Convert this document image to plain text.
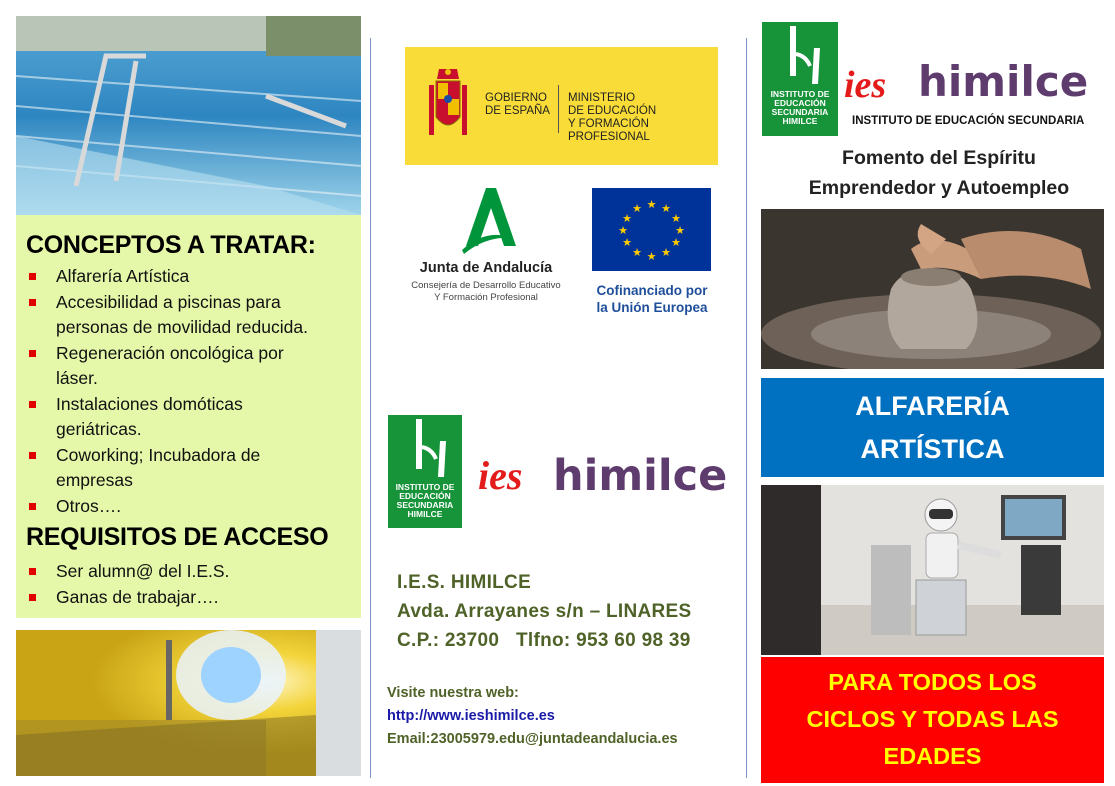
CONCEPTOS A TRATAR:
Alfarería Artística
Accesibilidad a piscinas para
personas de movilidad reducida.
Regeneración oncológica por
láser.
Instalaciones domóticas
geriátricas.
Coworking; Incubadora de
empresas
Otros….
REQUISITOS DE ACCESO
Ser alumn@ del I.E.S.
Ganas de trabajar….
GOBIERNO
DE ESPAÑA
MINISTERIO
DE EDUCACIÓN
Y FORMACIÓN PROFESIONAL
Junta de Andalucía
Consejería de Desarrollo Educativo
Y Formación Profesional
★ ★
★
★
★
★
★
★
★
★
★
★
Cofinanciado por
la Unión Europea
INSTITUTO DE
EDUCACIÓN
SECUNDARIA
HIMILCE
ies himilce
I.E.S. HIMILCE
Avda. Arrayanes s/n – LINARES
C.P.: 23700   Tlfno: 953 60 98 39
Visite nuestra web:
http://www.ieshimilce.es
Email:23005979.edu@juntadeandalucia.es
INSTITUTO DE
EDUCACIÓN
SECUNDARIA
HIMILCE
ies himilce
INSTITUTO DE EDUCACIÓN SECUNDARIA
Fomento del Espíritu
Emprendedor y Autoempleo
ALFARERÍA
ARTÍSTICA
PARA TODOS LOS
CICLOS Y TODAS LAS
EDADES
